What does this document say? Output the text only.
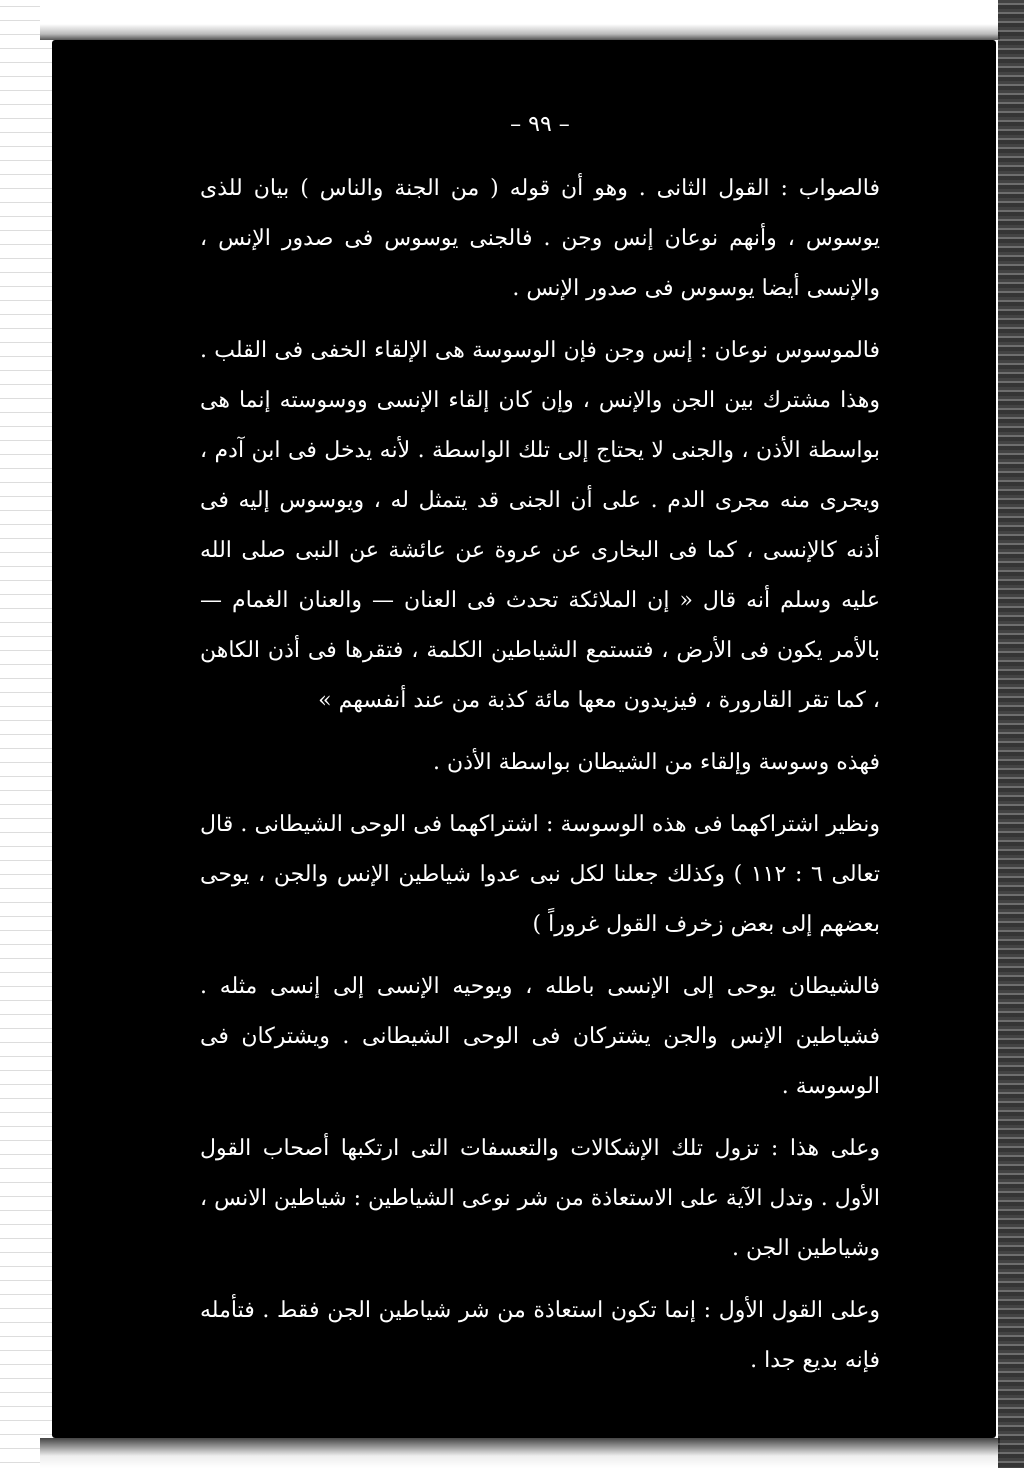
– ٩٩ –

فالصواب : القول الثانى . وهو أن قوله ( من الجنة والناس ) بيان للذى يوسوس ، وأنهم نوعان إنس وجن . فالجنى يوسوس فى صدور الإنس ، والإنسى أيضا يوسوس فى صدور الإنس .

فالموسوس نوعان : إنس وجن فإن الوسوسة هى الإلقاء الخفى فى القلب . وهذا مشترك بين الجن والإنس ، وإن كان إلقاء الإنسى ووسوسته إنما هى بواسطة الأذن ، والجنى لا يحتاج إلى تلك الواسطة . لأنه يدخل فى ابن آدم ، ويجرى منه مجرى الدم . على أن الجنى قد يتمثل له ، ويوسوس إليه فى أذنه كالإنسى ، كما فى البخارى عن عروة عن عائشة عن النبى صلى الله عليه وسلم أنه قال « إن الملائكة تحدث فى العنان — والعنان الغمام — بالأمر يكون فى الأرض ، فتستمع الشياطين الكلمة ، فتقرها فى أذن الكاهن ، كما تقر القارورة ، فيزيدون معها مائة كذبة من عند أنفسهم »

فهذه وسوسة وإلقاء من الشيطان بواسطة الأذن .

ونظير اشتراكهما فى هذه الوسوسة : اشتراكهما فى الوحى الشيطانى . قال تعالى ٦ : ١١٢ ) وكذلك جعلنا لكل نبى عدوا شياطين الإنس والجن ، يوحى بعضهم إلى بعض زخرف القول غروراً )

فالشيطان يوحى إلى الإنسى باطله ، ويوحيه الإنسى إلى إنسى مثله . فشياطين الإنس والجن يشتركان فى الوحى الشيطانى . ويشتركان فى الوسوسة .

وعلى هذا : تزول تلك الإشكالات والتعسفات التى ارتكبها أصحاب القول الأول . وتدل الآية على الاستعاذة من شر نوعى الشياطين : شياطين الانس ، وشياطين الجن .

وعلى القول الأول : إنما تكون استعاذة من شر شياطين الجن فقط . فتأمله فإنه بديع جدا .
